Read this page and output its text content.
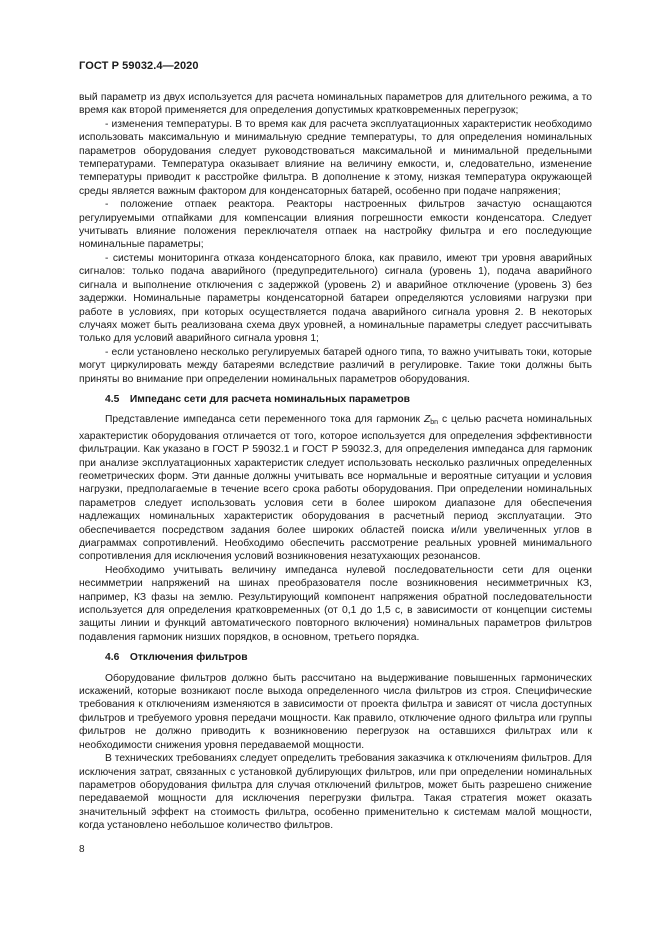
ГОСТ Р 59032.4—2020

вый параметр из двух используется для расчета номинальных параметров для длительного режима, а то время как второй применяется для определения допустимых кратковременных перегрузок;

- изменения температуры. В то время как для расчета эксплуатационных характеристик необходимо использовать максимальную и минимальную средние температуры, то для определения номинальных параметров оборудования следует руководствоваться максимальной и минимальной предельными температурами. Температура оказывает влияние на величину емкости, и, следовательно, изменение температуры приводит к расстройке фильтра. В дополнение к этому, низкая температура окружающей среды является важным фактором для конденсаторных батарей, особенно при подаче напряжения;

- положение отпаек реактора. Реакторы настроенных фильтров зачастую оснащаются регулируемыми отпайками для компенсации влияния погрешности емкости конденсатора. Следует учитывать влияние положения переключателя отпаек на настройку фильтра и его последующие номинальные параметры;

- системы мониторинга отказа конденсаторного блока, как правило, имеют три уровня аварийных сигналов: только подача аварийного (предупредительного) сигнала (уровень 1), подача аварийного сигнала и выполнение отключения с задержкой (уровень 2) и аварийное отключение (уровень 3) без задержки. Номинальные параметры конденсаторной батареи определяются условиями нагрузки при работе в условиях, при которых осуществляется подача аварийного сигнала уровня 2. В некоторых случаях может быть реализована схема двух уровней, а номинальные параметры следует рассчитывать только для условий аварийного сигнала уровня 1;

- если установлено несколько регулируемых батарей одного типа, то важно учитывать токи, которые могут циркулировать между батареями вследствие различий в регулировке. Такие токи должны быть приняты во внимание при определении номинальных параметров оборудования.

4.5 Импеданс сети для расчета номинальных параметров

Представление импеданса сети переменного тока для гармоник $Z_{bn}$ с целью расчета номинальных характеристик оборудования отличается от того, которое используется для определения эффективности фильтрации. Как указано в ГОСТ Р 59032.1 и ГОСТ Р 59032.3, для определения импеданса для гармоник при анализе эксплуатационных характеристик следует использовать несколько различных определенных геометрических форм. Эти данные должны учитывать все нормальные и вероятные ситуации и условия нагрузки, предполагаемые в течение всего срока работы оборудования. При определении номинальных параметров следует использовать условия сети в более широком диапазоне для обеспечения надлежащих номинальных характеристик оборудования в расчетный период эксплуатации. Это обеспечивается посредством задания более широких областей поиска и/или увеличенных углов в диаграммах сопротивлений. Необходимо обеспечить рассмотрение реальных уровней минимального сопротивления для исключения условий возникновения незатухающих резонансов.

Необходимо учитывать величину импеданса нулевой последовательности сети для оценки несимметрии напряжений на шинах преобразователя после возникновения несимметричных КЗ, например, КЗ фазы на землю. Результирующий компонент напряжения обратной последовательности используется для определения кратковременных (от 0,1 до 1,5 с, в зависимости от концепции системы защиты линии и функций автоматического повторного включения) номинальных параметров фильтров подавления гармоник низших порядков, в основном, третьего порядка.

4.6 Отключения фильтров

Оборудование фильтров должно быть рассчитано на выдерживание повышенных гармонических искажений, которые возникают после выхода определенного числа фильтров из строя. Специфические требования к отключениям изменяются в зависимости от проекта фильтра и зависят от числа доступных фильтров и требуемого уровня передачи мощности. Как правило, отключение одного фильтра или группы фильтров не должно приводить к возникновению перегрузок на оставшихся фильтрах или к необходимости снижения уровня передаваемой мощности.

В технических требованиях следует определить требования заказчика к отключениям фильтров. Для исключения затрат, связанных с установкой дублирующих фильтров, или при определении номинальных параметров оборудования фильтра для случая отключений фильтров, может быть разрешено снижение передаваемой мощности для исключения перегрузки фильтра. Такая стратегия может оказать значительный эффект на стоимость фильтра, особенно применительно к системам малой мощности, когда установлено небольшое количество фильтров.

8
